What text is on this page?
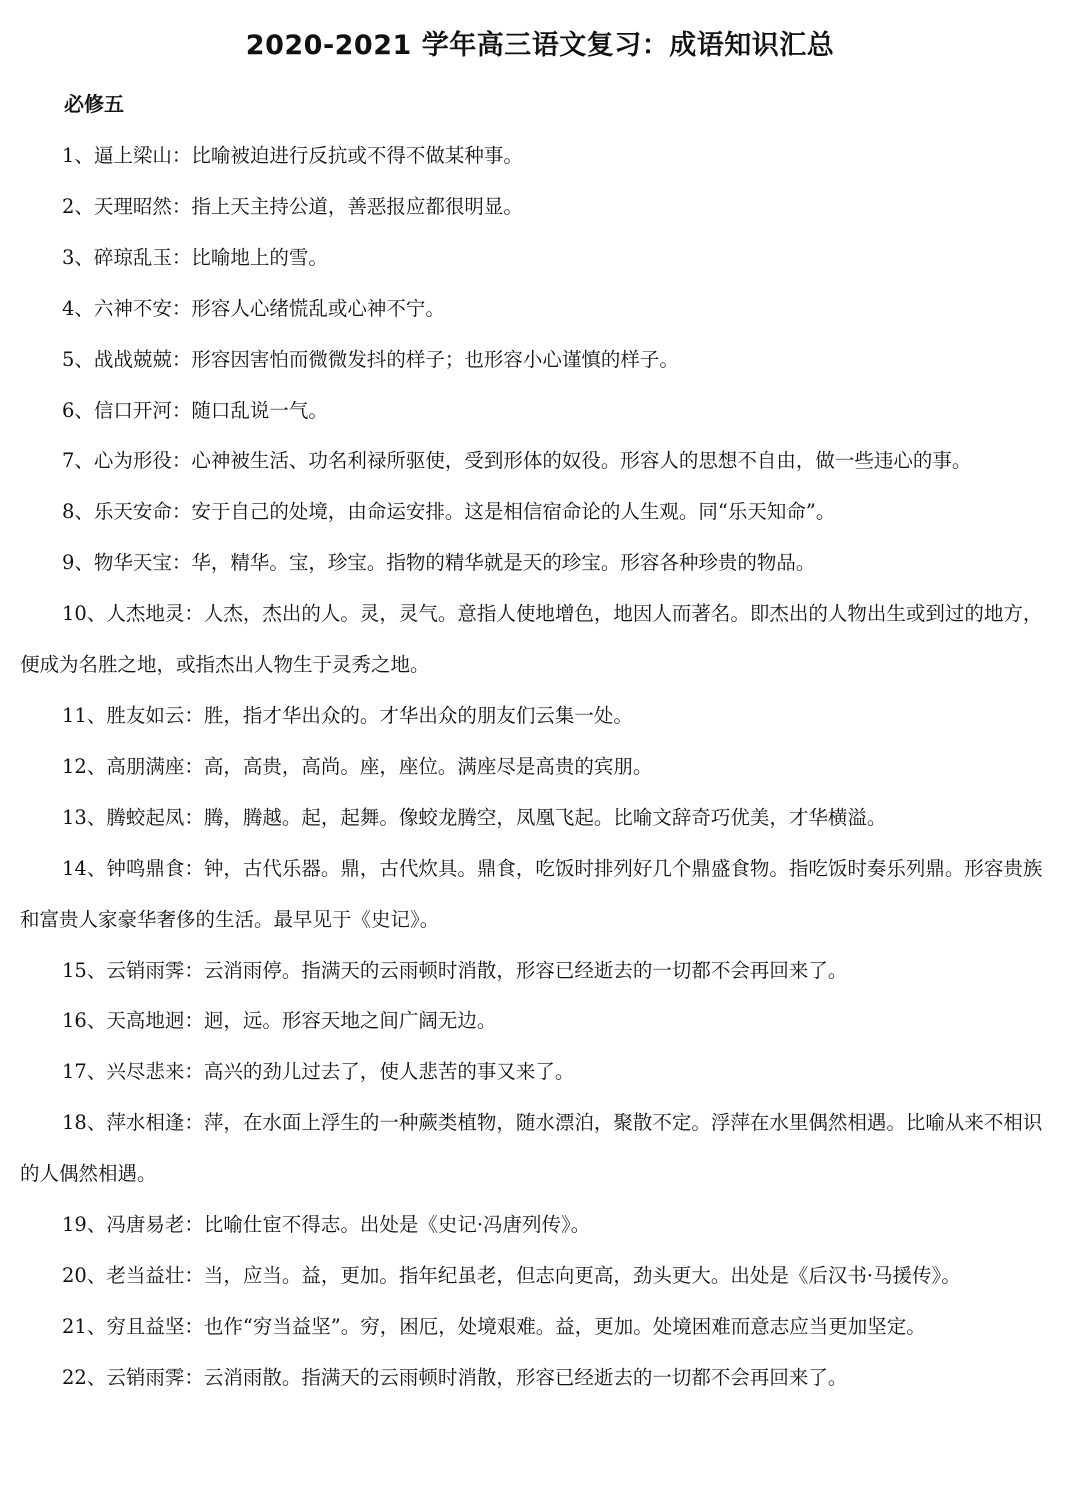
2020-2021 学年高三语文复习：成语知识汇总
必修五
1、逼上梁山：比喻被迫进行反抗或不得不做某种事。
2、天理昭然：指上天主持公道，善恶报应都很明显。
3、碎琼乱玉：比喻地上的雪。
4、六神不安：形容人心绪慌乱或心神不宁。
5、战战兢兢：形容因害怕而微微发抖的样子；也形容小心谨慎的样子。
6、信口开河：随口乱说一气。
7、心为形役：心神被生活、功名利禄所驱使，受到形体的奴役。形容人的思想不自由，做一些违心的事。
8、乐天安命：安于自己的处境，由命运安排。这是相信宿命论的人生观。同“乐天知命”。
9、物华天宝：华，精华。宝，珍宝。指物的精华就是天的珍宝。形容各种珍贵的物品。
10、人杰地灵：人杰，杰出的人。灵，灵气。意指人使地增色，地因人而著名。即杰出的人物出生或到过的地方，便成为名胜之地，或指杰出人物生于灵秀之地。
11、胜友如云：胜，指才华出众的。才华出众的朋友们云集一处。
12、高朋满座：高，高贵，高尚。座，座位。满座尽是高贵的宾朋。
13、腾蛟起凤：腾，腾越。起，起舞。像蛟龙腾空，凤凰飞起。比喻文辞奇巧优美，才华横溢。
14、钟鸣鼎食：钟，古代乐器。鼎，古代炊具。鼎食，吃饭时排列好几个鼎盛食物。指吃饭时奏乐列鼎。形容贵族和富贵人家豪华奢侈的生活。最早见于《史记》。
15、云销雨霁：云消雨停。指满天的云雨顿时消散，形容已经逝去的一切都不会再回来了。
16、天高地迥：迥，远。形容天地之间广阔无边。
17、兴尽悲来：高兴的劲儿过去了，使人悲苦的事又来了。
18、萍水相逢：萍，在水面上浮生的一种蕨类植物，随水漂泊，聚散不定。浮萍在水里偶然相遇。比喻从来不相识的人偶然相遇。
19、冯唐易老：比喻仕宦不得志。出处是《史记·冯唐列传》。
20、老当益壮：当，应当。益，更加。指年纪虽老，但志向更高，劲头更大。出处是《后汉书·马援传》。
21、穷且益坚：也作“穷当益坚”。穷，困厄，处境艰难。益，更加。处境困难而意志应当更加坚定。
22、云销雨霁：云消雨散。指满天的云雨顿时消散，形容已经逝去的一切都不会再回来了。
